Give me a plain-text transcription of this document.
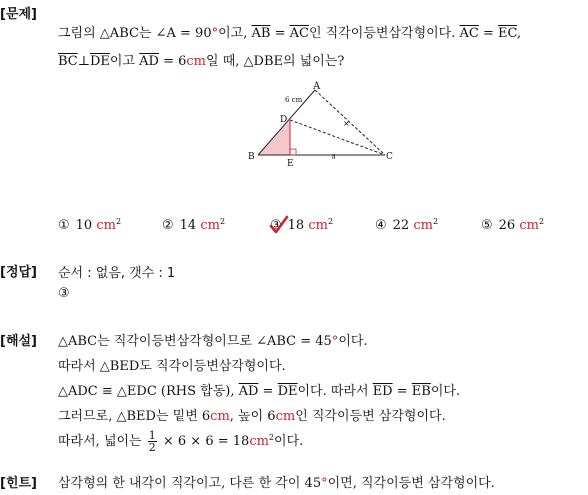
[문제]
그림의 △ABC는 ∠A = 90°이고, $\overline{AB} = \overline{AC}$인 직각이등변삼각형이다. $\overline{AC} = \overline{EC}$,
$\overline{BC}\perp\overline{DE}$이고 $\overline{AD} = 6cm$일 때, △DBE의 넓이는?
A
B	C
D
E
6 cm
×
॥
① 10 $cm^2$	② 14 $cm^2$	③ 18 $cm^2$	④ 22 $cm^2$	⑤ 26 $cm^2$
[정답] 순서 : 없음, 갯수 : 1
③
[해설] △ABC는 직각이등변삼각형이므로 ∠ABC = 45°이다.
따라서 △BED도 직각이등변삼각형이다.
△ADC ≡ △EDC (RHS 합동), $\overline{AD} = \overline{DE}$이다. 따라서 $\overline{ED} = \overline{EB}$이다.
그러므로, △BED는 밑변 6cm, 높이 6cm인 직각이등변 삼각형이다.
따라서, 넓이는 $\frac{1}{2} \times 6 \times 6 = 18cm^2$이다.
[힌트] 삼각형의 한 내각이 직각이고, 다른 한 각이 45°이면, 직각이등변 삼각형이다.
